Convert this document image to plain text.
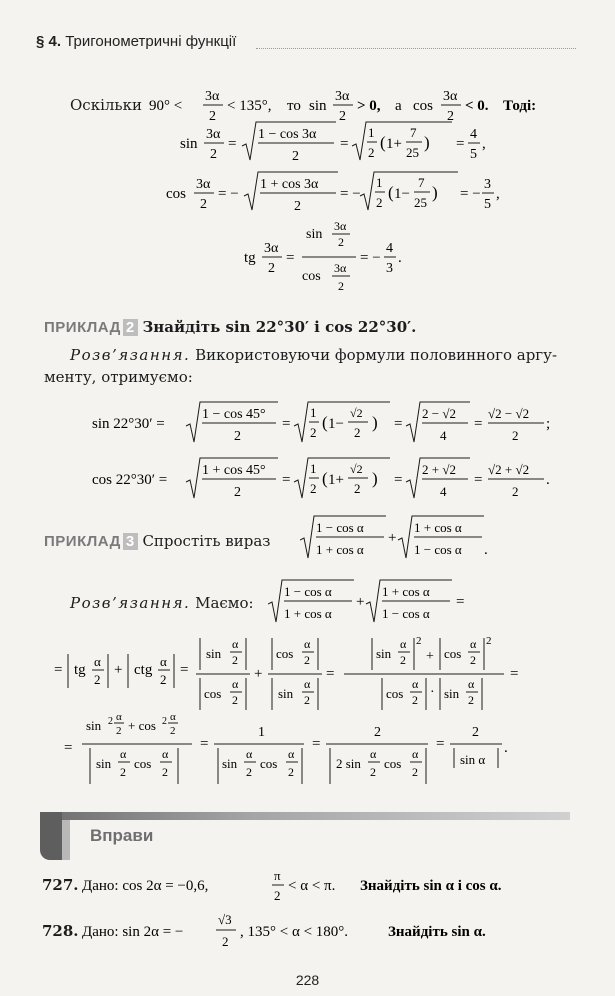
§ 4. Тригонометричні функції
Оскільки 90° <
3α
2
< 135°, то sin
3α
2
> 0, а cos
3α
2
< 0. Тоді:
sin
3α
2
=
1 − cos 3α
2
=
1
2
( 1+
7
25
) =
4
5
,
cos
3α
2
= −
1 + cos 3α
2
= −
1
2
( 1−
7
25
) = −
3
5
,
tg
3α
2
=
sin
3α
2
cos
3α
2
= −
4
3
.
ПРИКЛАД 2 Знайдіть sin 22°30′ і cos 22°30′.
Розв’язання. Використовуючи формули половинного аргу-
менту, отримуємо:
sin 22°30′ =
1 − cos 45°
2
=
1
2
( 1−
√2
2
) =
2 − √2
4
=
√2 − √2
2
;
cos 22°30′ =
1 + cos 45°
2
=
1
2
( 1+
√2
2
) =
2 + √2
4
=
√2 + √2
2
.
ПРИКЛАД 3 Спростіть вираз
1 − cos α
1 + cos α
+
1 + cos α
1 − cos α .
Розв’язання. Маємо:
1 − cos α
1 + cos α
+
1 + cos α
1 − cos α
=
= tg
α
2
+ ctg
α
2
=
sin
α
2
cos
α
2
+
cos
α
2
sin
α
2
=
sin
α
2
2
+ cos
α
2
2
cos
α
2 · sin
α
2
=
=
sin 2 α
2 + cos 2 α
2
sin
α
2
cos
α
2
=
1
sin
α
2
cos
α
2
=
2
2 sin
α
2
cos
α
2
=
2
sin α
.
Вправи
727. Дано: cos 2α = −0,6,
π
2
< α < π. Знайдіть sin α і cos α.
728. Дано: sin 2α = −
√3
2
, 135° < α < 180°.	Знайдіть sin α.
228
